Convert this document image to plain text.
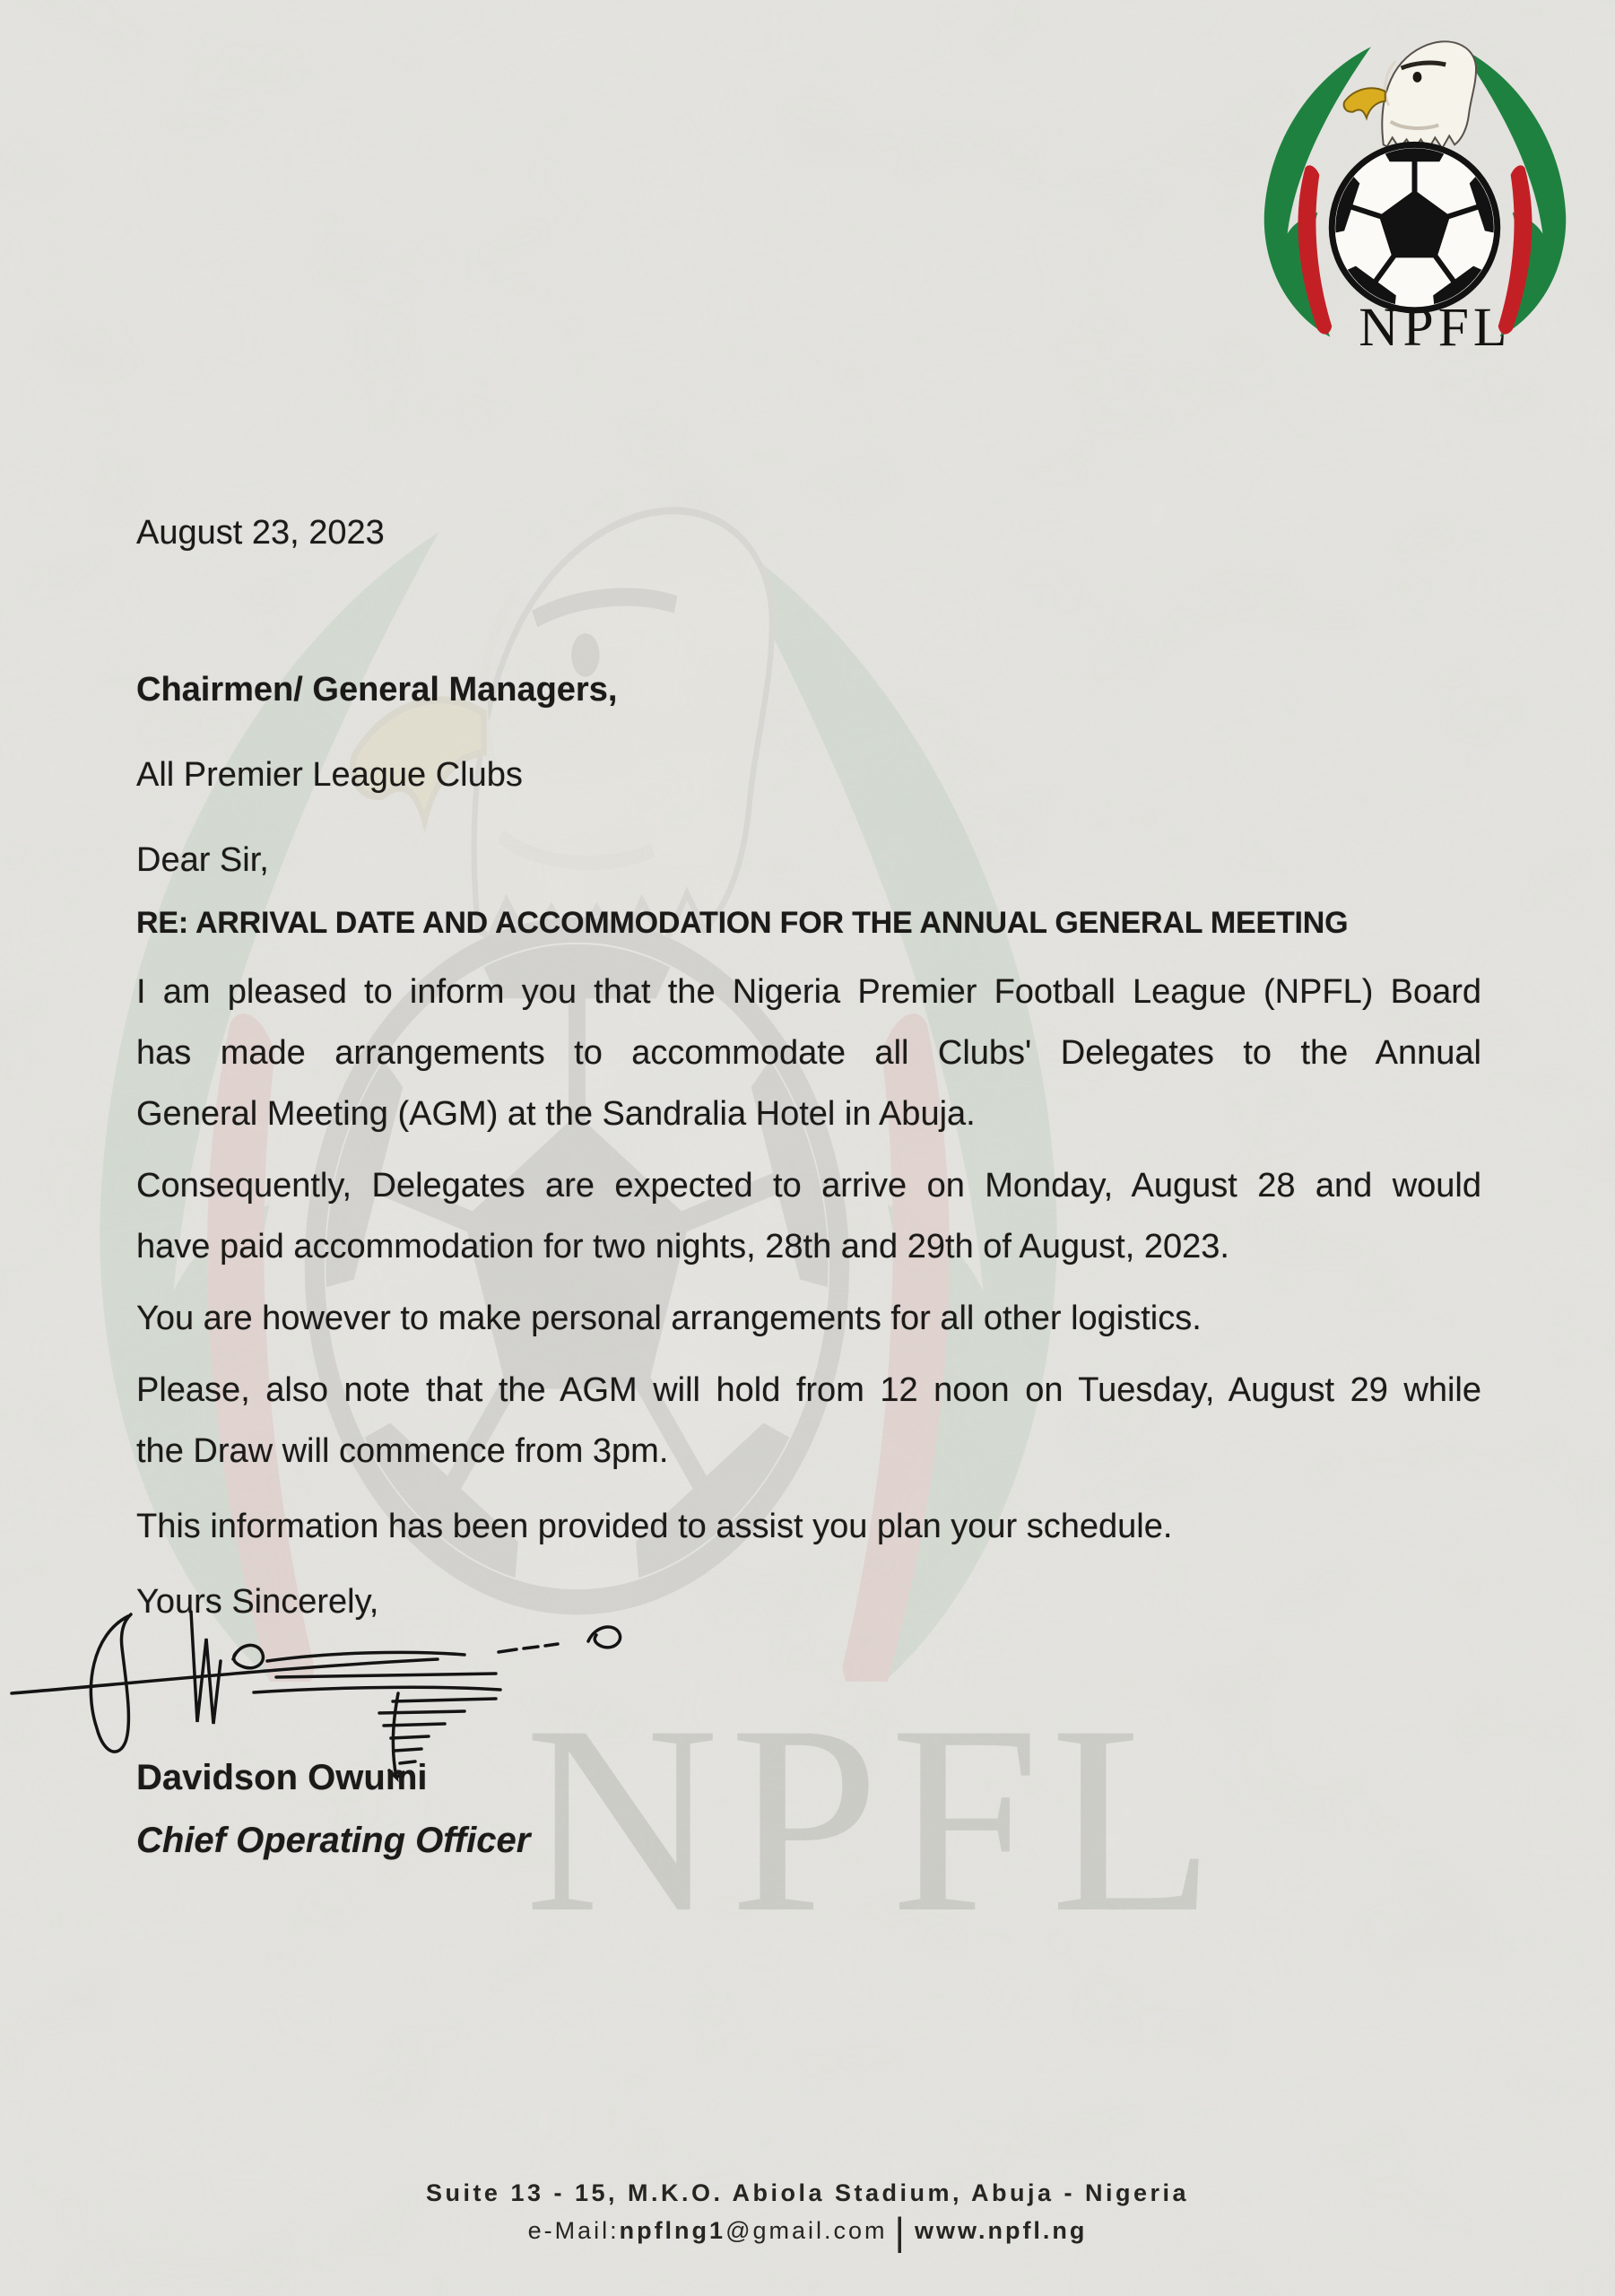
NPFL
NPFL
August 23, 2023
Chairmen/ General Managers,
All Premier League Clubs
Dear Sir,
RE: ARRIVAL DATE AND ACCOMMODATION FOR THE ANNUAL GENERAL MEETING
I am pleased to inform you that the Nigeria Premier Football League (NPFL) Board
has made arrangements to accommodate all Clubs' Delegates to the Annual
General Meeting (AGM) at the Sandralia Hotel in Abuja.
Consequently, Delegates are expected to arrive on Monday, August 28 and would
have paid accommodation for two nights, 28th and 29th of August, 2023.
You are however to make personal arrangements for all other logistics.
Please, also note that the AGM will hold from 12 noon on Tuesday, August 29 while
the Draw will commence from 3pm.
This information has been provided to assist you plan your schedule.
Yours Sincerely,
Davidson Owumi
Chief Operating Officer
Suite 13 - 15, M.K.O. Abiola Stadium, Abuja - Nigeria
e-Mail:npflng1@gmail.com | www.npfl.ng
